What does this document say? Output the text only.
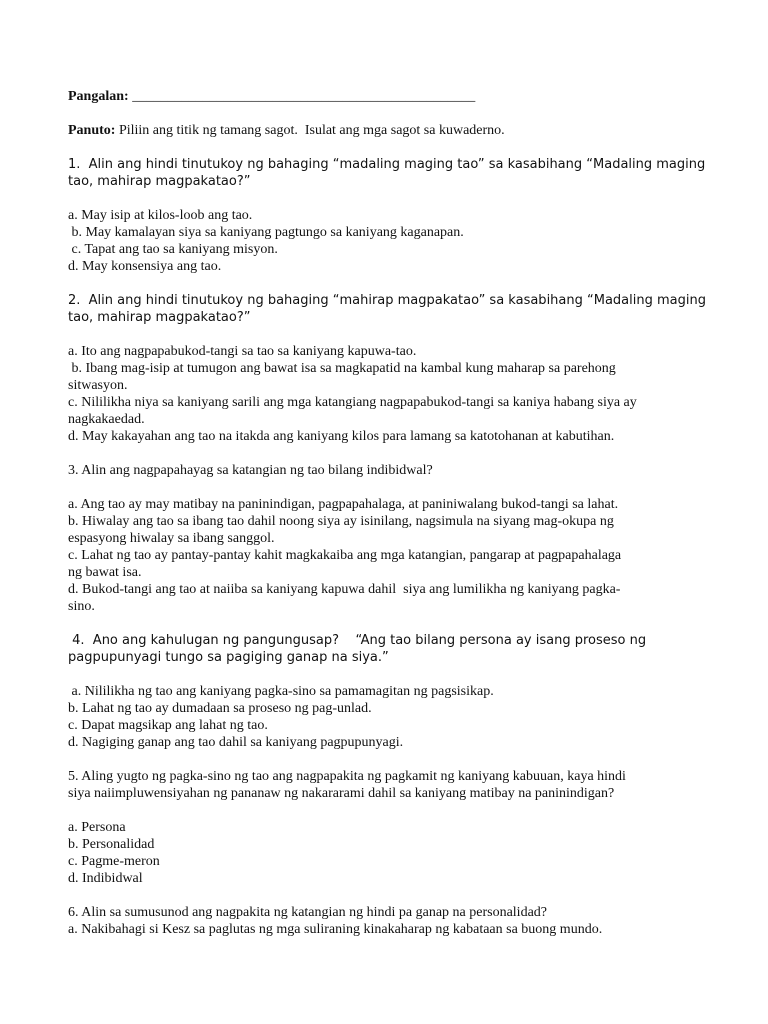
Pangalan: _________________________________________________
Panuto: Piliin ang titik ng tamang sagot.  Isulat ang mga sagot sa kuwaderno.
1.  Alin ang hindi tinutukoy ng bahaging “madaling maging tao” sa kasabihang “Madaling maging
tao, mahirap magpakatao?”
a. May isip at kilos-loob ang tao.
b. May kamalayan siya sa kaniyang pagtungo sa kaniyang kaganapan.
c. Tapat ang tao sa kaniyang misyon.
d. May konsensiya ang tao.
2.  Alin ang hindi tinutukoy ng bahaging “mahirap magpakatao” sa kasabihang “Madaling maging
tao, mahirap magpakatao?”
a. Ito ang nagpapabukod-tangi sa tao sa kaniyang kapuwa-tao.
b. Ibang mag-isip at tumugon ang bawat isa sa magkapatid na kambal kung maharap sa parehong
sitwasyon.
c. Nililikha niya sa kaniyang sarili ang mga katangiang nagpapabukod-tangi sa kaniya habang siya ay
nagkakaedad.
d. May kakayahan ang tao na itakda ang kaniyang kilos para lamang sa katotohanan at kabutihan.
3. Alin ang nagpapahayag sa katangian ng tao bilang indibidwal?
a. Ang tao ay may matibay na paninindigan, pagpapahalaga, at paniniwalang bukod-tangi sa lahat.
b. Hiwalay ang tao sa ibang tao dahil noong siya ay isinilang, nagsimula na siyang mag-okupa ng
espasyong hiwalay sa ibang sanggol.
c. Lahat ng tao ay pantay-pantay kahit magkakaiba ang mga katangian, pangarap at pagpapahalaga
ng bawat isa.
d. Bukod-tangi ang tao at naiiba sa kaniyang kapuwa dahil  siya ang lumilikha ng kaniyang pagka-
sino.
4.  Ano ang kahulugan ng pangungusap?    “Ang tao bilang persona ay isang proseso ng
pagpupunyagi tungo sa pagiging ganap na siya.”
a. Nililikha ng tao ang kaniyang pagka-sino sa pamamagitan ng pagsisikap.
b. Lahat ng tao ay dumadaan sa proseso ng pag-unlad.
c. Dapat magsikap ang lahat ng tao.
d. Nagiging ganap ang tao dahil sa kaniyang pagpupunyagi.
5. Aling yugto ng pagka-sino ng tao ang nagpapakita ng pagkamit ng kaniyang kabuuan, kaya hindi
siya naiimpluwensiyahan ng pananaw ng nakararami dahil sa kaniyang matibay na paninindigan?
a. Persona
b. Personalidad
c. Pagme-meron
d. Indibidwal
6. Alin sa sumusunod ang nagpakita ng katangian ng hindi pa ganap na personalidad?
a. Nakibahagi si Kesz sa paglutas ng mga suliraning kinakaharap ng kabataan sa buong mundo.
